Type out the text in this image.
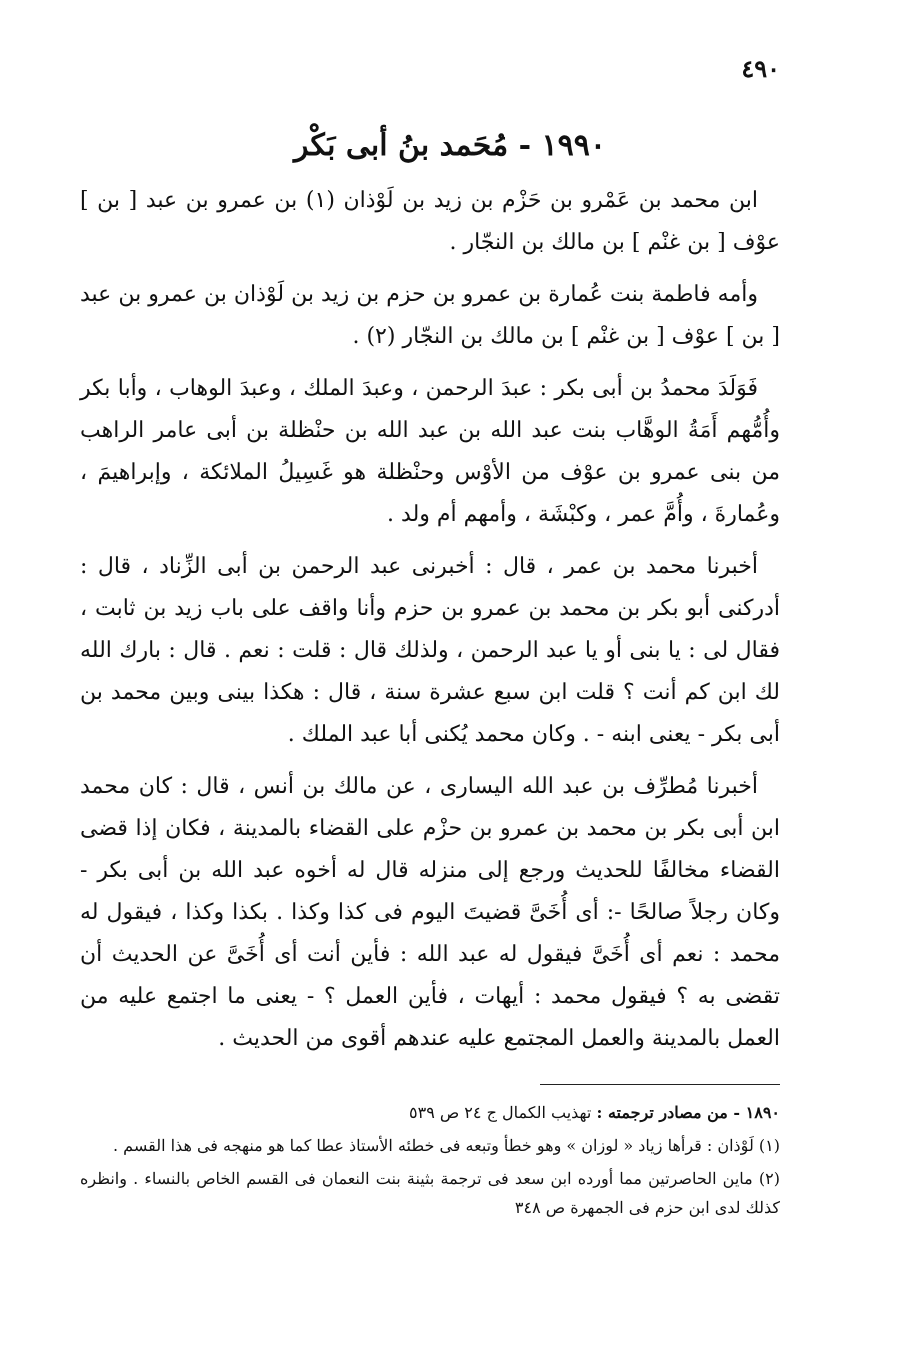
٤٩٠
١٩٩٠ - مُحَمد بنُ أبى بَكْر

ابن محمد بن عَمْرو بن حَزْم بن زيد بن لَوْذان (١) بن عمرو بن عبد [ بن ] عوْف [ بن غنْم ] بن مالك بن النجّار .

وأمه فاطمة بنت عُمارة بن عمرو بن حزم بن زيد بن لَوْذان بن عمرو بن عبد [ بن ] عوْف [ بن غنْم ] بن مالك بن النجّار (٢) .

فَوَلَدَ محمدُ بن أبى بكر : عبدَ الرحمن ، وعبدَ الملك ، وعبدَ الوهاب ، وأبا بكر وأُمُّهم أَمَةُ الوهَّاب بنت عبد الله بن عبد الله بن حنْظلة بن أبى عامر الراهب من بنى عمرو بن عوْف من الأوْس وحنْظلة هو غَسِيلُ الملائكة ، وإبراهيمَ ، وعُمارةَ ، وأُمَّ عمر ، وكبْشَة ، وأمهم أم ولد .

أخبرنا محمد بن عمر ، قال : أخبرنى عبد الرحمن بن أبى الزِّناد ، قال : أدركنى أبو بكر بن محمد بن عمرو بن حزم وأنا واقف على باب زيد بن ثابت ، فقال لى : يا بنى أو يا عبد الرحمن ، ولذلك قال : قلت : نعم . قال : بارك الله لك ابن كم أنت ؟ قلت ابن سبع عشرة سنة ، قال : هكذا بينى وبين محمد بن أبى بكر - يعنى ابنه - . وكان محمد يُكنى أبا عبد الملك .

أخبرنا مُطرِّف بن عبد الله اليسارى ، عن مالك بن أنس ، قال : كان محمد ابن أبى بكر بن محمد بن عمرو بن حزْم على القضاء بالمدينة ، فكان إذا قضى القضاء مخالفًا للحديث ورجع إلى منزله قال له أخوه عبد الله بن أبى بكر - وكان رجلاً صالحًا -: أى أُخَىَّ قضيتَ اليوم فى كذا وكذا . بكذا وكذا ، فيقول له محمد : نعم أى أُخَىَّ فيقول له عبد الله : فأين أنت أى أُخَىَّ عن الحديث أن تقضى به ؟ فيقول محمد : أيهات ، فأين العمل ؟ - يعنى ما اجتمع عليه من العمل بالمدينة والعمل المجتمع عليه عندهم أقوى من الحديث .

١٨٩٠ - من مصادر ترجمته : تهذيب الكمال ج ٢٤ ص ٥٣٩

(١) لَوْذان : قرأها زياد « لوزان » وهو خطأ وتبعه فى خطئه الأستاذ عطا كما هو منهجه فى هذا القسم .

(٢) ماين الحاصرتين مما أورده ابن سعد فى ترجمة بثينة بنت النعمان فى القسم الخاص بالنساء . وانظره كذلك لدى ابن حزم فى الجمهرة ص ٣٤٨
